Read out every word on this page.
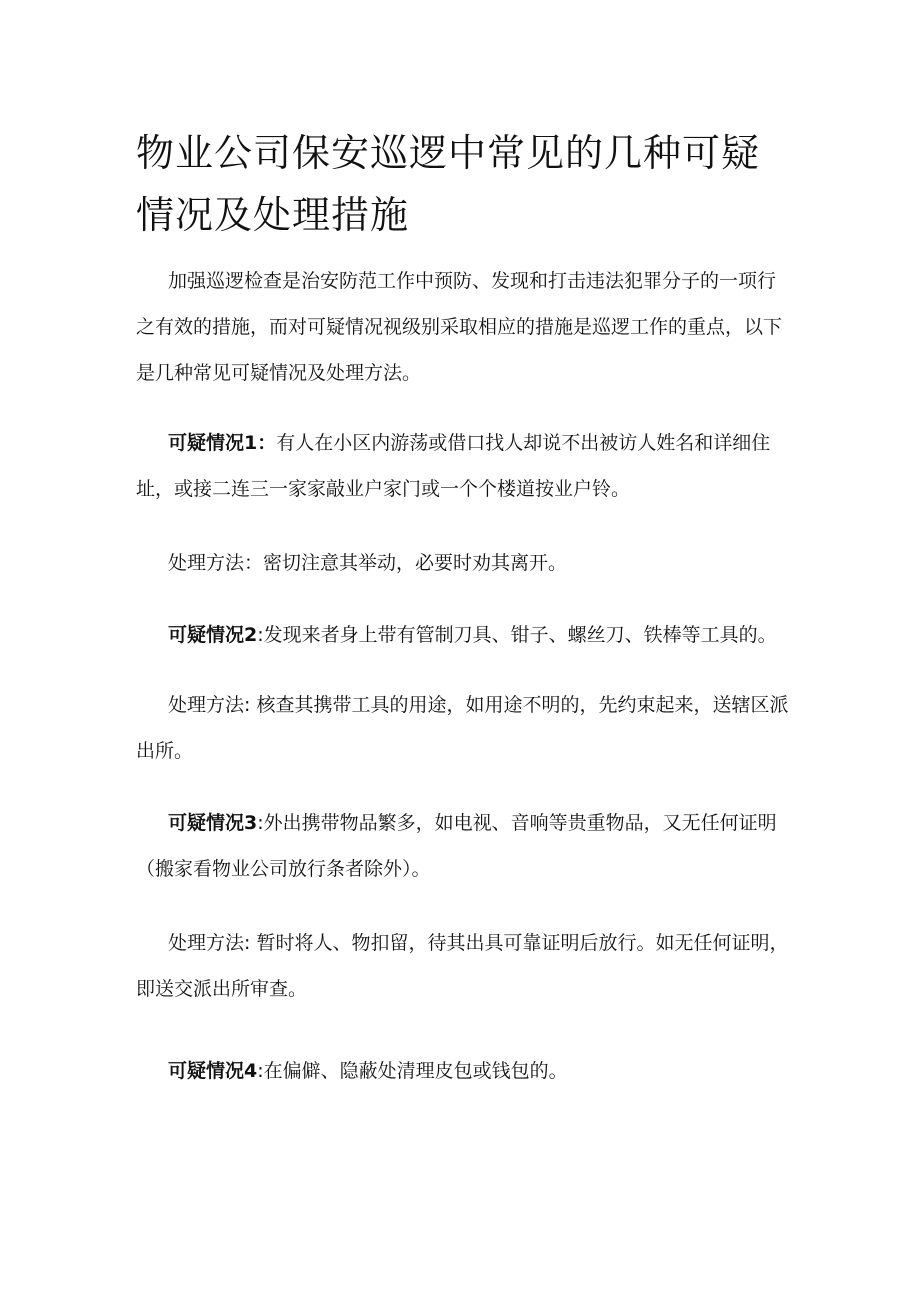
物业公司保安巡逻中常见的几种可疑情况及处理措施

加强巡逻检查是治安防范工作中预防、发现和打击违法犯罪分子的一项行之有效的措施，而对可疑情况视级别采取相应的措施是巡逻工作的重点，以下是几种常见可疑情况及处理方法。

可疑情况1：有人在小区内游荡或借口找人却说不出被访人姓名和详细住址，或接二连三一家家敲业户家门或一个个楼道按业户铃。

处理方法：密切注意其举动，必要时劝其离开。

可疑情况2:发现来者身上带有管制刀具、钳子、螺丝刀、铁棒等工具的。

处理方法: 核查其携带工具的用途，如用途不明的，先约束起来，送辖区派出所。

可疑情况3:外出携带物品繁多，如电视、音响等贵重物品，又无任何证明（搬家看物业公司放行条者除外）。

处理方法: 暂时将人、物扣留，待其出具可靠证明后放行。如无任何证明，即送交派出所审查。

可疑情况4:在偏僻、隐蔽处清理皮包或钱包的。
